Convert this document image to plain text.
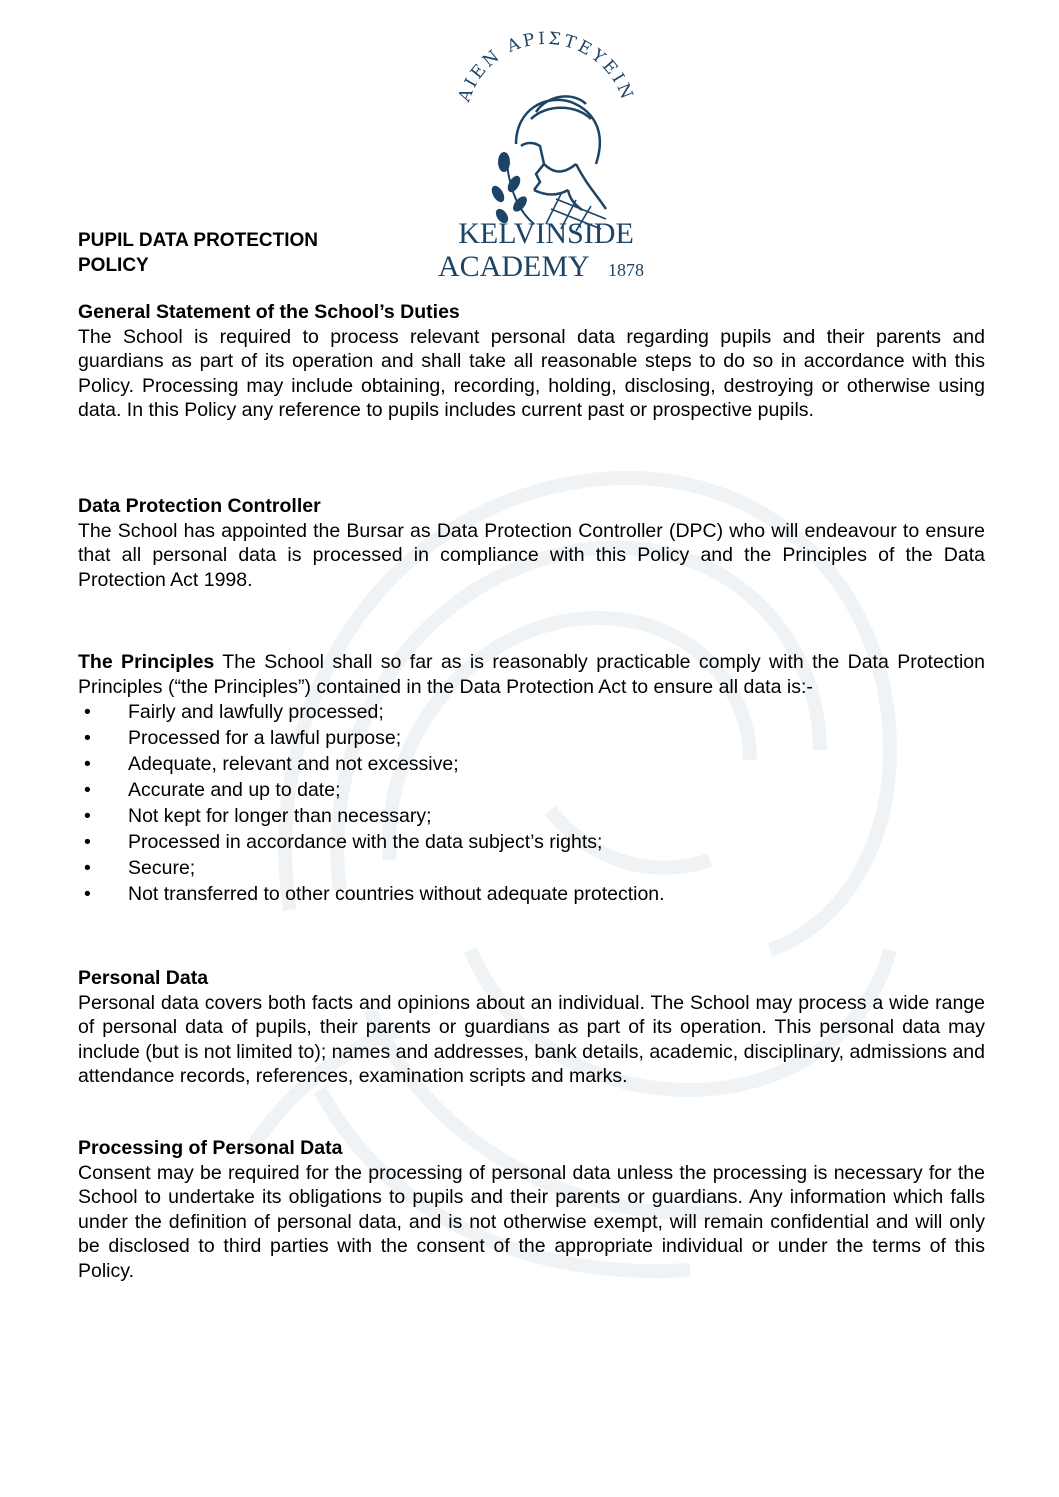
ΑΙΕΝ ΑΡΙΣΤΕΥΕΙΝ
KELVINSIDE
ACADEMY 1878
PUPIL DATA PROTECTION POLICY
General Statement of the School’s Duties

The School is required to process relevant personal data regarding pupils and their parents and guardians as part of its operation and shall take all reasonable steps to do so in accordance with this Policy. Processing may include obtaining, recording, holding, disclosing, destroying or otherwise using data. In this Policy any reference to pupils includes current past or prospective pupils.

Data Protection Controller

The School has appointed the Bursar as Data Protection Controller (DPC) who will endeavour to ensure that all personal data is processed in compliance with this Policy and the Principles of the Data Protection Act 1998.

The Principles The School shall so far as is reasonably practicable comply with the Data Protection Principles (“the Principles”) contained in the Data Protection Act to ensure all data is:-

• Fairly and lawfully processed;
• Processed for a lawful purpose;
• Adequate, relevant and not excessive;
• Accurate and up to date;
• Not kept for longer than necessary;
• Processed in accordance with the data subject’s rights;
• Secure;
• Not transferred to other countries without adequate protection.
Personal Data

Personal data covers both facts and opinions about an individual. The School may process a wide range of personal data of pupils, their parents or guardians as part of its operation. This personal data may include (but is not limited to); names and addresses, bank details, academic, disciplinary, admissions and attendance records, references, examination scripts and marks.

Processing of Personal Data

Consent may be required for the processing of personal data unless the processing is necessary for the School to undertake its obligations to pupils and their parents or guardians. Any information which falls under the definition of personal data, and is not otherwise exempt, will remain confidential and will only be disclosed to third parties with the consent of the appropriate individual or under the terms of this Policy.
